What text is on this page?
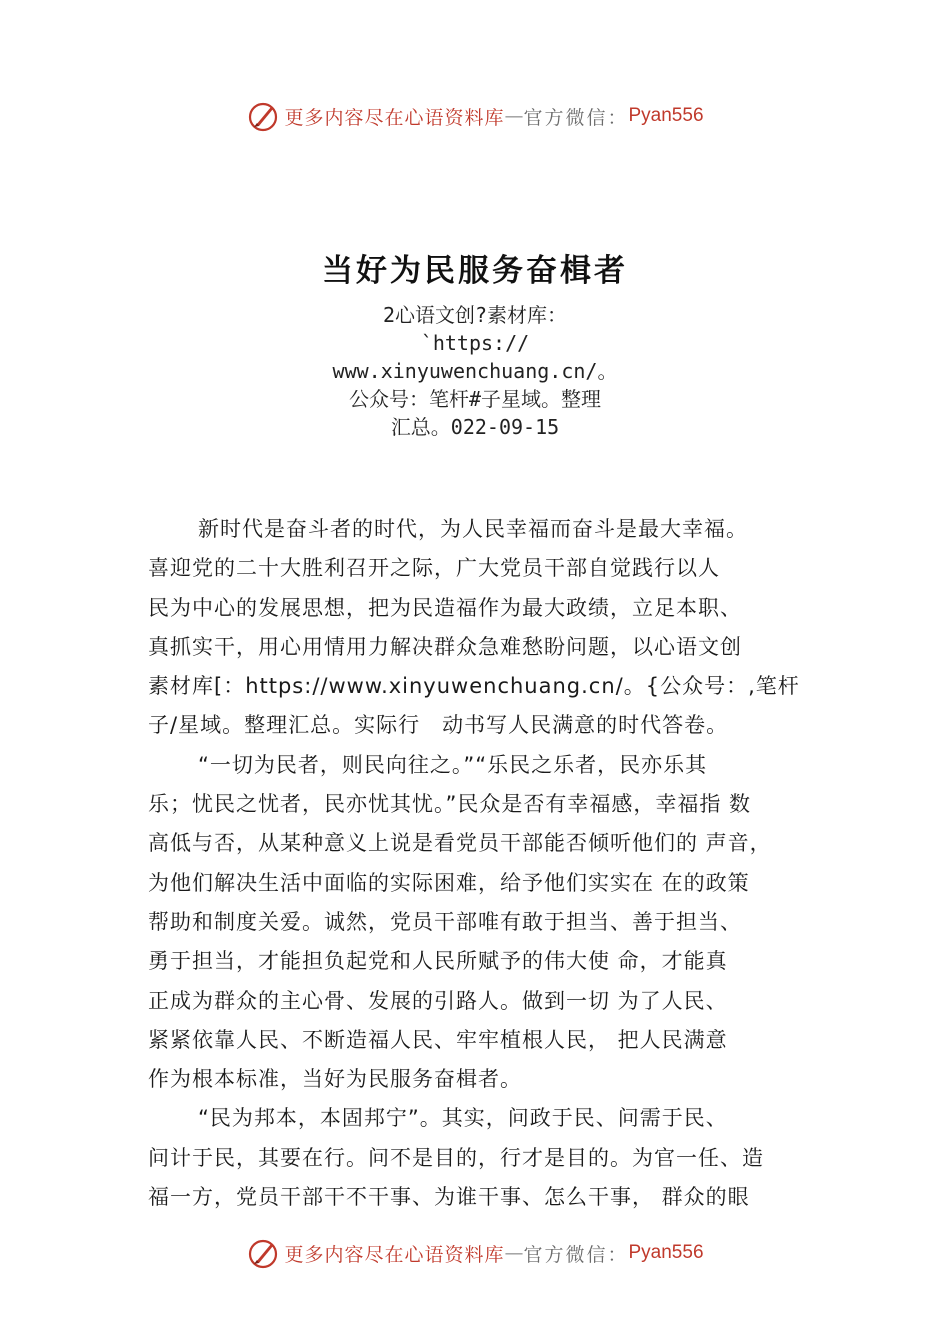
更多内容尽在心语资料库 — 官方微信： Pyan556
当好为民服务奋楫者
2心语文创?素材库：
`https://
www.xinyuwenchuang.cn/。
公众号：笔杆#子星域。整理
汇总。022-09-15

新时代是奋斗者的时代，为人民幸福而奋斗是最大幸福。

喜迎党的二十大胜利召开之际，广大党员干部自觉践行以人

民为中心的发展思想，把为民造福作为最大政绩，立足本职、

真抓实干，用心用情用力解决群众急难愁盼问题，以心语文创

素材库[：https://www.xinyuwenchuang.cn/。{公众号：,笔杆

子/星域。整理汇总。实际行　动书写人民满意的时代答卷。

“一切为民者，则民向往之。”“乐民之乐者，民亦乐其

乐；忧民之忧者，民亦忧其忧。”民众是否有幸福感，幸福指 数

高低与否，从某种意义上说是看党员干部能否倾听他们的 声音，

为他们解决生活中面临的实际困难，给予他们实实在 在的政策

帮助和制度关爱。诚然，党员干部唯有敢于担当、善于担当、

勇于担当，才能担负起党和人民所赋予的伟大使 命，才能真

正成为群众的主心骨、发展的引路人。做到一切 为了人民、

紧紧依靠人民、不断造福人民、牢牢植根人民， 把人民满意

作为根本标准，当好为民服务奋楫者。

“民为邦本，本固邦宁”。其实，问政于民、问需于民、

问计于民，其要在行。问不是目的，行才是目的。为官一任、造

福一方，党员干部干不干事、为谁干事、怎么干事， 群众的眼

更多内容尽在心语资料库 — 官方微信： Pyan556
